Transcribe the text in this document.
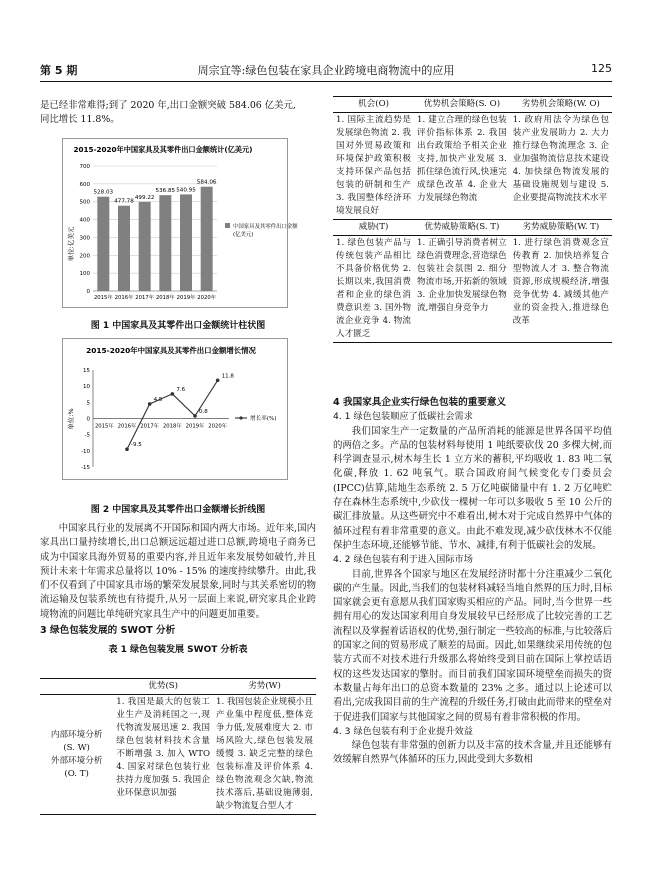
第 5 期	周宗宜等:绿色包装在家具企业跨境电商物流中的应用	125

是已经非常难得;到了 2020 年,出口金额突破 584.06 亿美元,

同比增长 11.8%。

2015-2020年中国家具及其零件出口金额统计(亿美元)
单位:亿美元
0
100
200
300
400
500
600
700
2015年 2016年 2017年 2018年 2019年 2020年
528.03
477.78
499.22
536.85 540.95
584.06
中国家具及其零件出口金额
(亿美元)
图 1 中国家具及其零件出口金额统计柱状图
2015-2020年中国家具及其零件出口金额增长情况
单位:%
15
10
5
0
-5
-10
-15
2015年 2016年 2017年 2018年 2019年 2020年
-9.5
4.5
7.6
0.8
11.8
增长率(%)
图 2 中国家具及其零件出口金额增长折线图

中国家具行业的发展离不开国际和国内两大市场。近年来,国内家具出口量持续增长,出口总额远远超过进口总额,跨境电子商务已成为中国家具海外贸易的重要内容,并且近年来发展势如破竹,并且预计未来十年需求总量将以 10% - 15% 的速度持续攀升。由此,我们不仅看到了中国家具市场的繁荣发展景象,同时与其关系密切的物流运输及包装系统也有待提升,从另一层面上来说,研究家具企业跨境物流的问题比单纯研究家具生产中的问题更加重要。

3 绿色包装发展的 SWOT 分析
表 1 绿色包装发展 SWOT 分析表
	优势(S)	劣势(W)

内部环境分析
(S. W)
外部环境分析
(O. T)	1. 我国是最大的包装工业生产及消耗国之一,现代物流发展迅速 2. 我国绿色包装材料技术含量不断增强 3. 加入 WTO 4. 国家对绿色包装行业扶持力度加强 5. 我国企业环保意识加强	1. 我国包装企业规模小且产业集中程度低,整体竞争力低,发展难度大 2. 市场风险大,绿色包装发展缓慢 3. 缺乏完整的绿色包装标准及评价体系 4. 绿色物流观念欠缺,物流技术落后,基础设施薄弱,缺少物流复合型人才
机会(O)	优势机会策略(S. O)	劣势机会策略(W. O)
1. 国际主流趋势是发展绿色物流 2. 我国对外贸易政策和环境保护政策积极支持环保产品包括包装的研制和生产 3. 我国整体经济环境发展良好	1. 建立合理的绿色包装评价指标体系 2. 我国出台政策给予相关企业支持,加快产业发展 3. 抓住绿色流行风,快速完成绿色改革 4. 企业大力发展绿色物流	1. 政府用法令为绿色包装产业发展助力 2. 大力推行绿色物流理念 3. 企业加强物流信息技术建设 4. 加快绿色物流发展的基础设施规划与建设 5. 企业要提高物流技术水平
威胁(T)	优势威胁策略(S. T)	劣势威胁策略(W. T)
1. 绿色包装产品与传统包装产品相比不具备价格优势 2. 长期以来,我国消费者和企业的绿色消费意识差 3. 国外物流企业竞争 4. 物流人才匮乏	1. 正确引导消费者树立绿色消费理念,营造绿色包装社会氛围 2. 细分物流市场,开拓新的领域 3. 企业加快发展绿色物流,增强自身竞争力	1. 进行绿色消费观念宣传教育 2. 加快培养复合型物流人才 3. 整合物流资源,形成规模经济,增强竞争优势 4. 减缓其他产业的资金投入,推进绿色改革
4 我国家具企业实行绿色包装的重要意义
4. 1 绿色包装顺应了低碳社会需求

我们国家生产一定数量的产品所消耗的能源是世界各国平均值的两倍之多。产品的包装材料每使用 1 吨纸要砍伐 20 多棵大树,而科学调查显示,树木每生长 1 立方米的蓄积,平均吸收 1. 83 吨二氧化碳,释放 1. 62 吨氧气。联合国政府间气候变化专门委员会(IPCC)估算,陆地生态系统 2. 5 万亿吨碳储量中有 1. 2 万亿吨贮存在森林生态系统中,少砍伐一棵树一年可以多吸收 5 至 10 公斤的碳汇排放量。从这些研究中不难看出,树木对于完成自然界中气体的循环过程有着非常重要的意义。由此不难发现,减少砍伐林木不仅能保护生态环境,还能够节能、节水、减排,有利于低碳社会的发展。

4. 2 绿色包装有利于进入国际市场

目前,世界各个国家与地区在发展经济时都十分注重减少二氧化碳的产生量。因此,当我们的包装材料减轻当地自然界的压力时,目标国家就会更有意愿从我们国家购买相应的产品。同时,当今世界一些拥有用心的发达国家利用自身发展较早已经形成了比较完善的工艺流程以及掌握着话语权的优势,强行制定一些较高的标准,与比较落后的国家之间的贸易形成了顺差的局面。因此,如果继续采用传统的包装方式而不对技术进行升级那么将始终受到目前在国际上掌控话语权的这些发达国家的擎肘。而目前我们国家国环境壁垒而损失的资本数量占每年出口的总资本数量的 23% 之多。通过以上论述可以看出,完成我国目前的生产流程的升级任务,打破由此而带来的壁垒对于促进我们国家与其他国家之间的贸易有着非常积极的作用。

4. 3 绿色包装有利于企业提升效益

绿色包装有非常强的创新力以及丰富的技术含量,并且还能够有效缓解自然界气体循环的压力,因此受到大多数相
